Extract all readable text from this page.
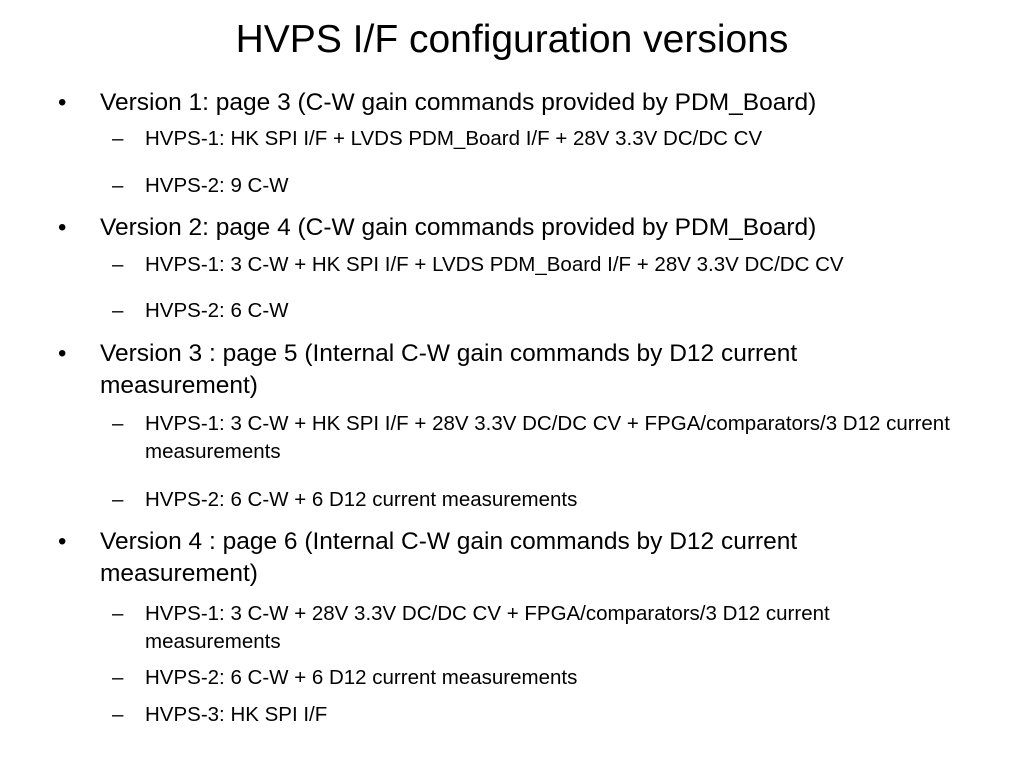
HVPS I/F configuration versions
•	Version 1: page 3 (C-W gain commands provided by PDM_Board)
–	HVPS-1: HK SPI I/F + LVDS PDM_Board I/F + 28V 3.3V DC/DC CV
–	HVPS-2: 9 C-W
•	Version 2: page 4 (C-W gain commands provided by PDM_Board)
–	HVPS-1: 3 C-W + HK SPI I/F + LVDS PDM_Board I/F + 28V 3.3V DC/DC CV
–	HVPS-2: 6 C-W
•	Version 3 : page 5 (Internal C-W gain commands by D12 current measurement)
–	HVPS-1: 3 C-W + HK SPI I/F + 28V 3.3V DC/DC CV + FPGA/comparators/3 D12 current measurements
–	HVPS-2: 6 C-W + 6 D12 current measurements
•	Version 4 : page 6 (Internal C-W gain commands by D12 current measurement)
–	HVPS-1: 3 C-W + 28V 3.3V DC/DC CV + FPGA/comparators/3 D12 current measurements
–	HVPS-2: 6 C-W + 6 D12 current measurements
–	HVPS-3: HK SPI I/F
